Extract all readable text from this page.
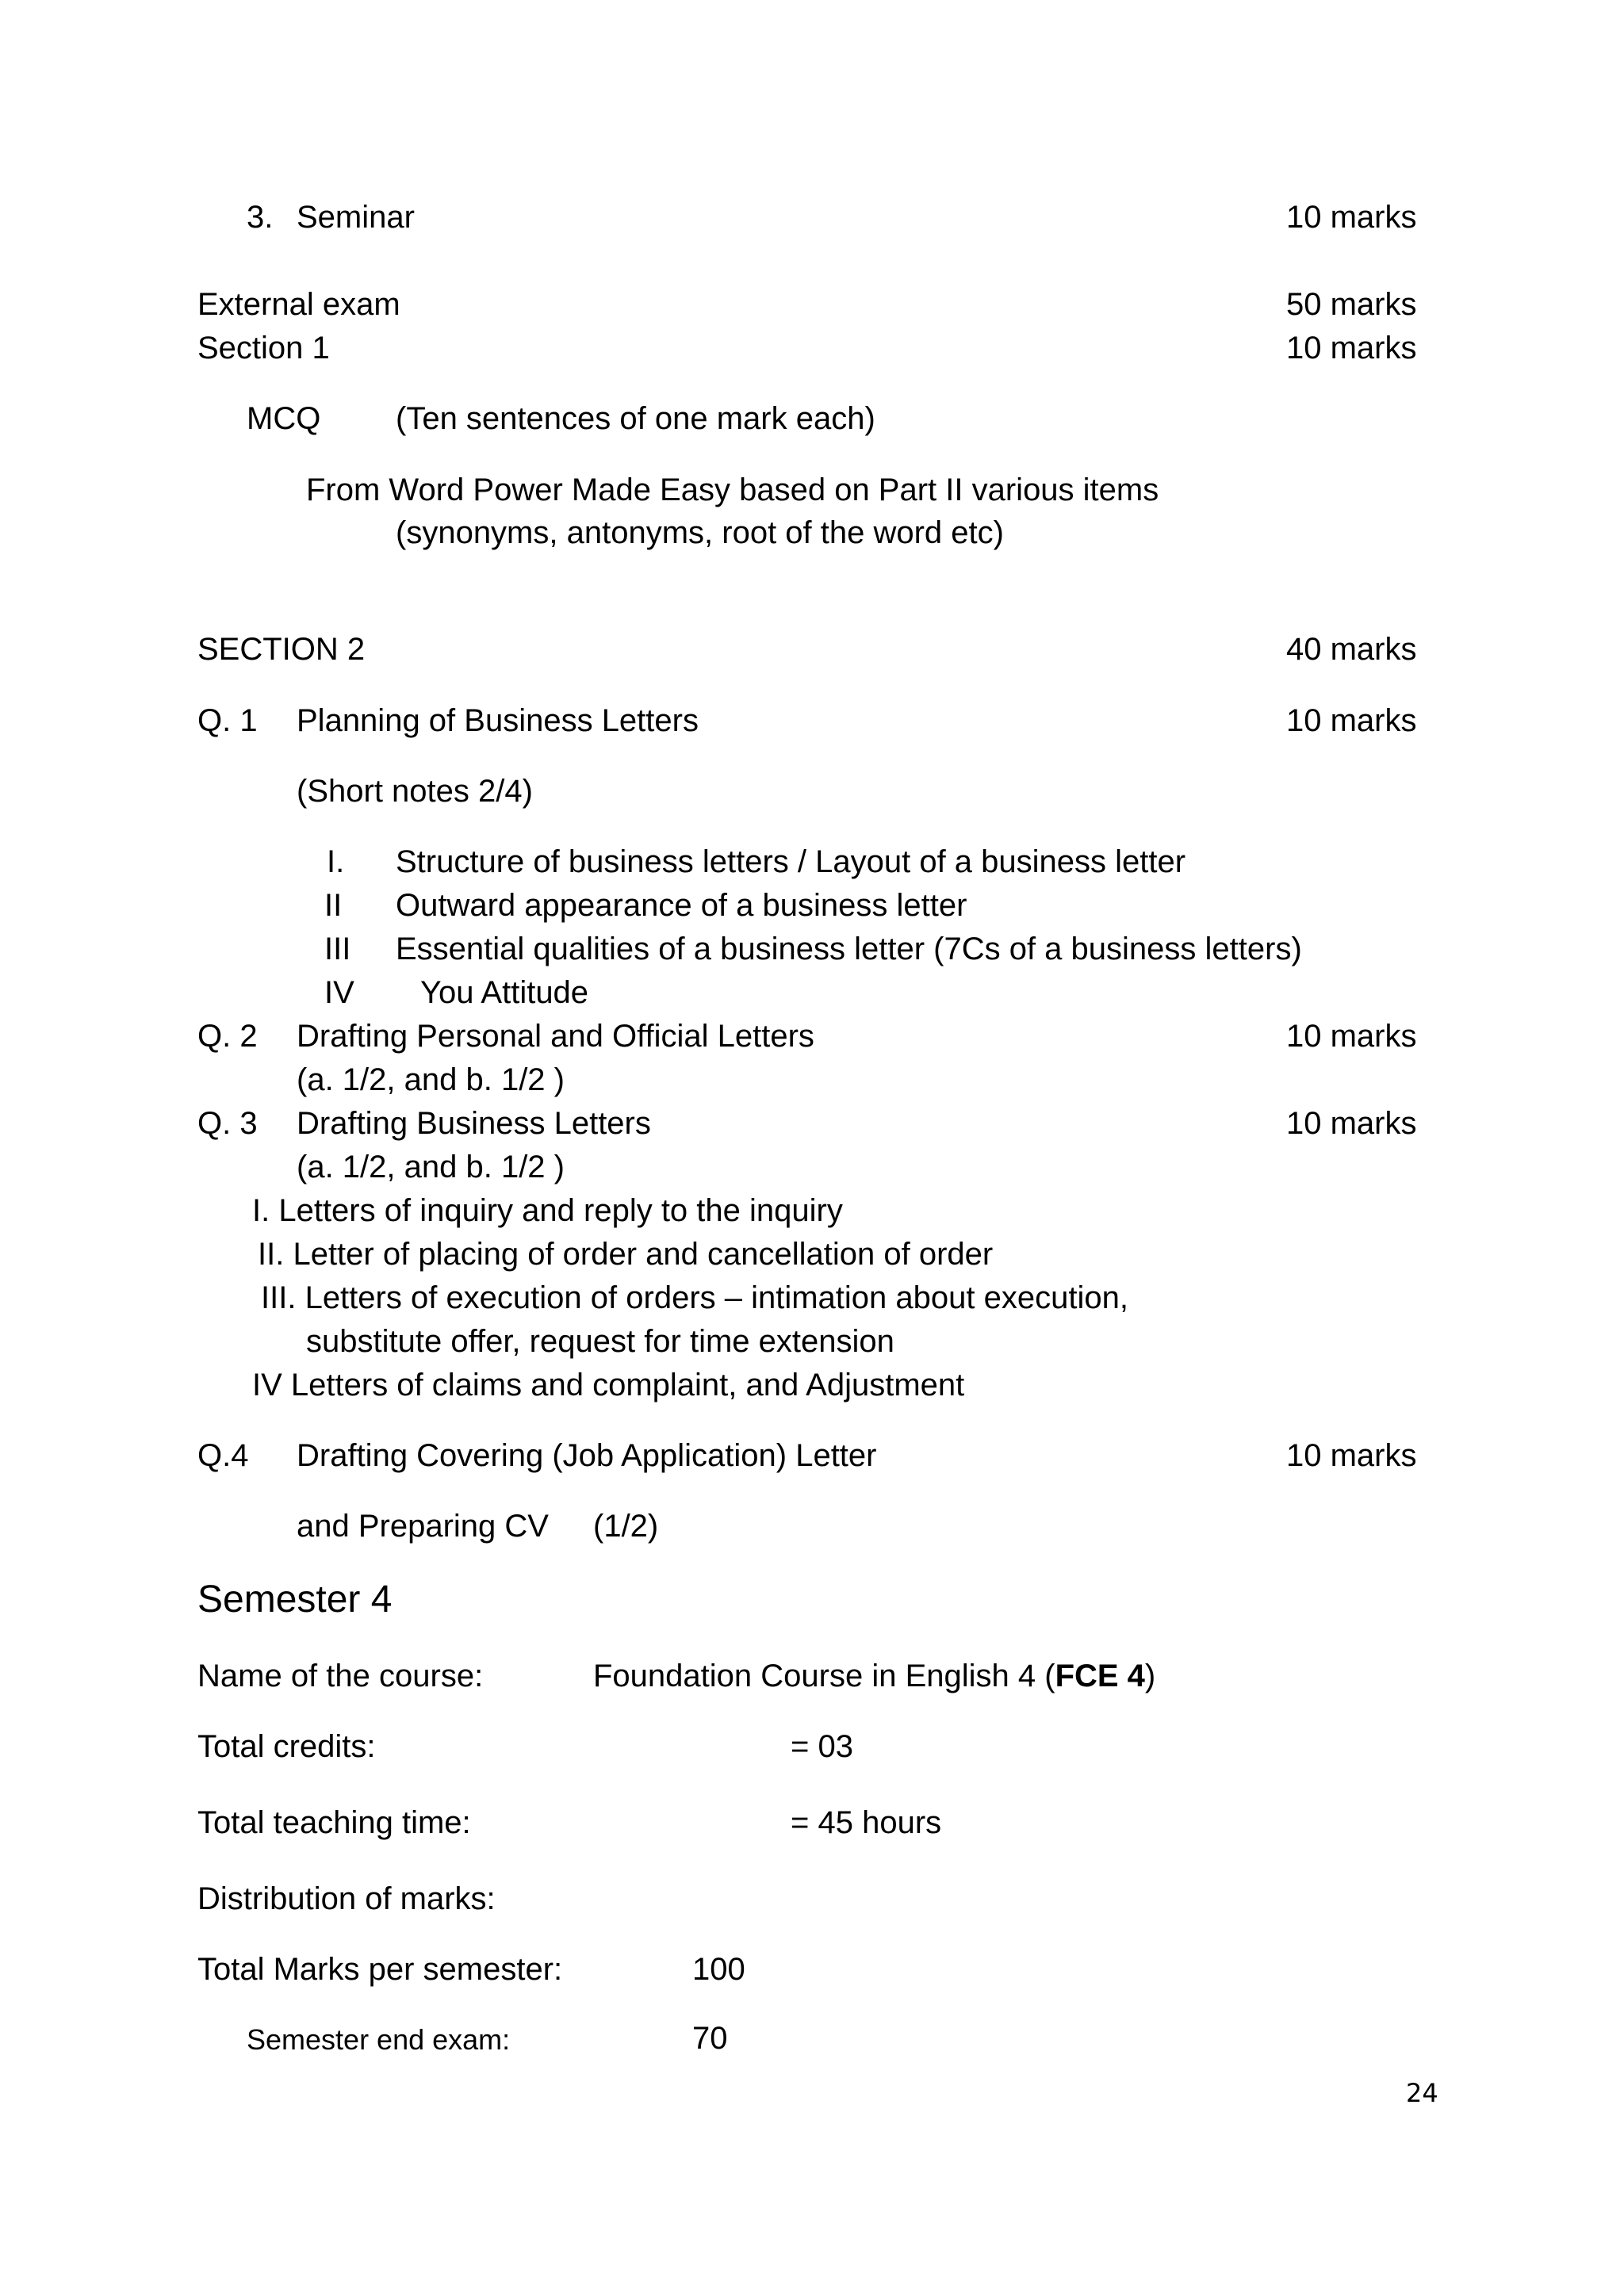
3. Seminar	10 marks
External exam	50 marks
Section 1	10 marks
MCQ (Ten sentences of one mark each)
From Word Power Made Easy based on Part II various items
(synonyms, antonyms, root of the word etc)
SECTION 2	40 marks
Q. 1 Planning of Business Letters	10 marks
(Short notes 2/4)
I. Structure of business letters / Layout of a business letter
II Outward appearance of a business letter
III Essential qualities of a business letter (7Cs of a business letters)
IV You Attitude
Q. 2 Drafting Personal and Official Letters	10 marks
(a. 1/2, and b. 1/2 )
Q. 3 Drafting Business Letters	10 marks
(a. 1/2, and b. 1/2 )
I. Letters of inquiry and reply to the inquiry
II. Letter of placing of order and cancellation of order
III. Letters of execution of orders – intimation about execution,
substitute offer, request for time extension
IV Letters of claims and complaint, and Adjustment
Q.4 Drafting Covering (Job Application) Letter	10 marks
and Preparing CV (1/2)
Semester 4
Name of the course:	Foundation Course in English 4 (FCE 4)
Total credits:	= 03
Total teaching time:	= 45 hours
Distribution of marks:
Total Marks per semester:	100
Semester end exam:	70
24
